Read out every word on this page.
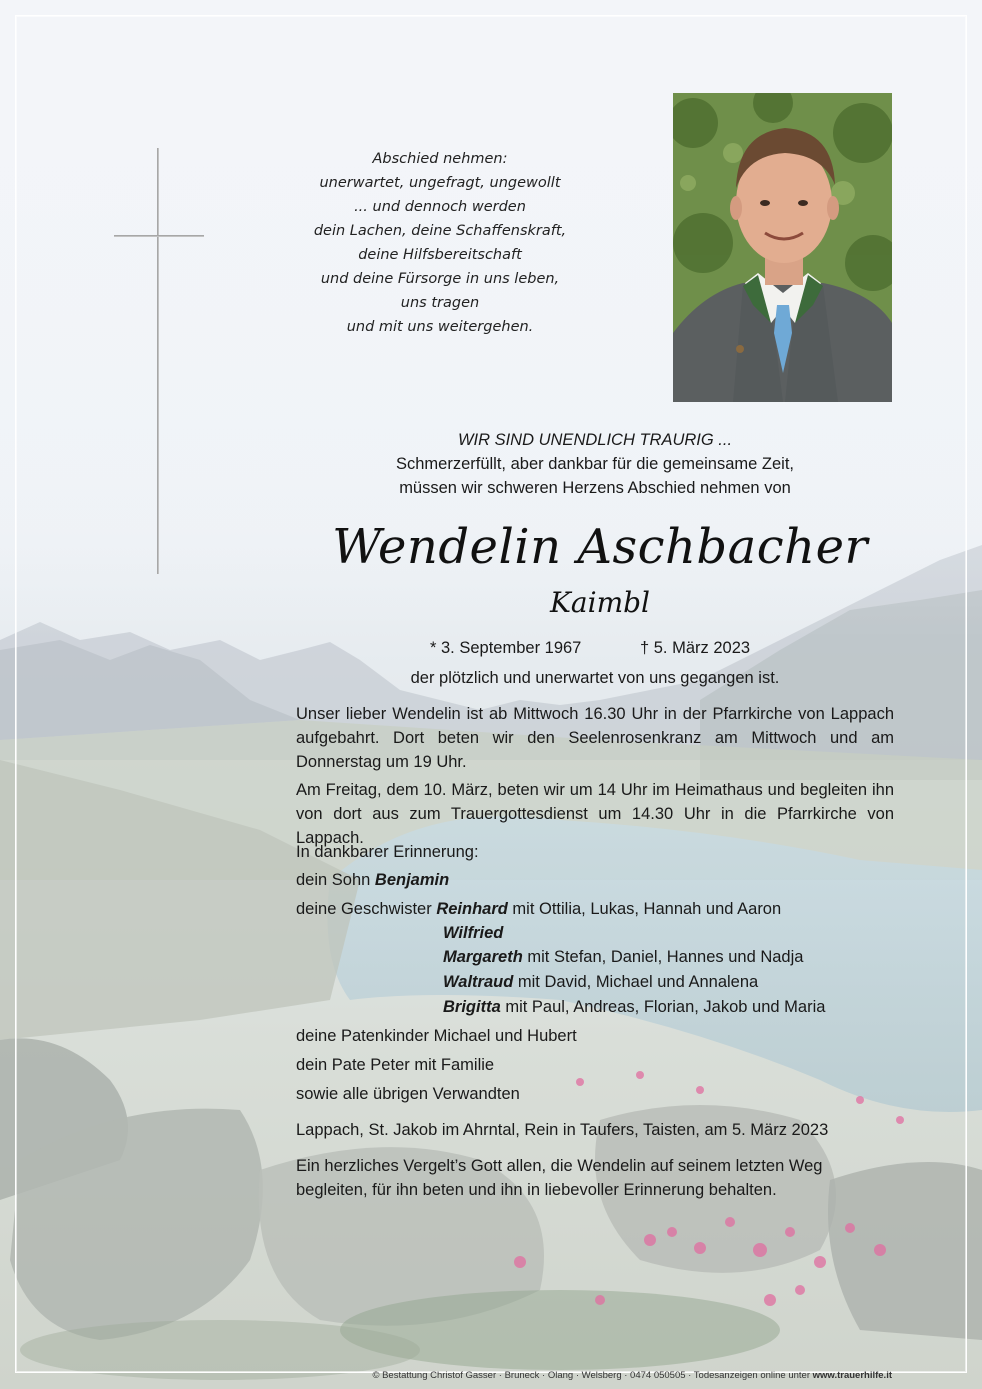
Abschied nehmen:
unerwartet, ungefragt, ungewollt
... und dennoch werden
dein Lachen, deine Schaffenskraft,
deine Hilfsbereitschaft
und deine Fürsorge in uns leben,
uns tragen
und mit uns weitergehen.
WIR SIND UNENDLICH TRAURIG ...
Schmerzerfüllt, aber dankbar für die gemeinsame Zeit,
müssen wir schweren Herzens Abschied nehmen von
Wendelin Aschbacher
Kaimbl
* 3. September 1967	† 5. März 2023
der plötzlich und unerwartet von uns gegangen ist.

Unser lieber Wendelin ist ab Mittwoch 16.30 Uhr in der Pfarrkirche von Lappach aufgebahrt. Dort beten wir den Seelenrosenkranz am Mittwoch und am Donnerstag um 19 Uhr.

Am Freitag, dem 10. März, beten wir um 14 Uhr im Heimathaus und begleiten ihn von dort aus zum Trauergottesdienst um 14.30 Uhr in die Pfarrkirche von Lappach.

In dankbarer Erinnerung:
dein Sohn Benjamin
deine Geschwister Reinhard mit Ottilia, Lukas, Hannah und Aaron
Wilfried
Margareth mit Stefan, Daniel, Hannes und Nadja
Waltraud mit David, Michael und Annalena
Brigitta mit Paul, Andreas, Florian, Jakob und Maria
deine Patenkinder Michael und Hubert
dein Pate Peter mit Familie
sowie alle übrigen Verwandten
Lappach, St. Jakob im Ahrntal, Rein in Taufers, Taisten, am 5. März 2023

Ein herzliches Vergelt’s Gott allen, die Wendelin auf seinem letzten Weg begleiten, für ihn beten und ihn in liebevoller Erinnerung behalten.

© Bestattung Christof Gasser · Bruneck · Olang · Welsberg · 0474 050505 · Todesanzeigen online unter www.trauerhilfe.it
